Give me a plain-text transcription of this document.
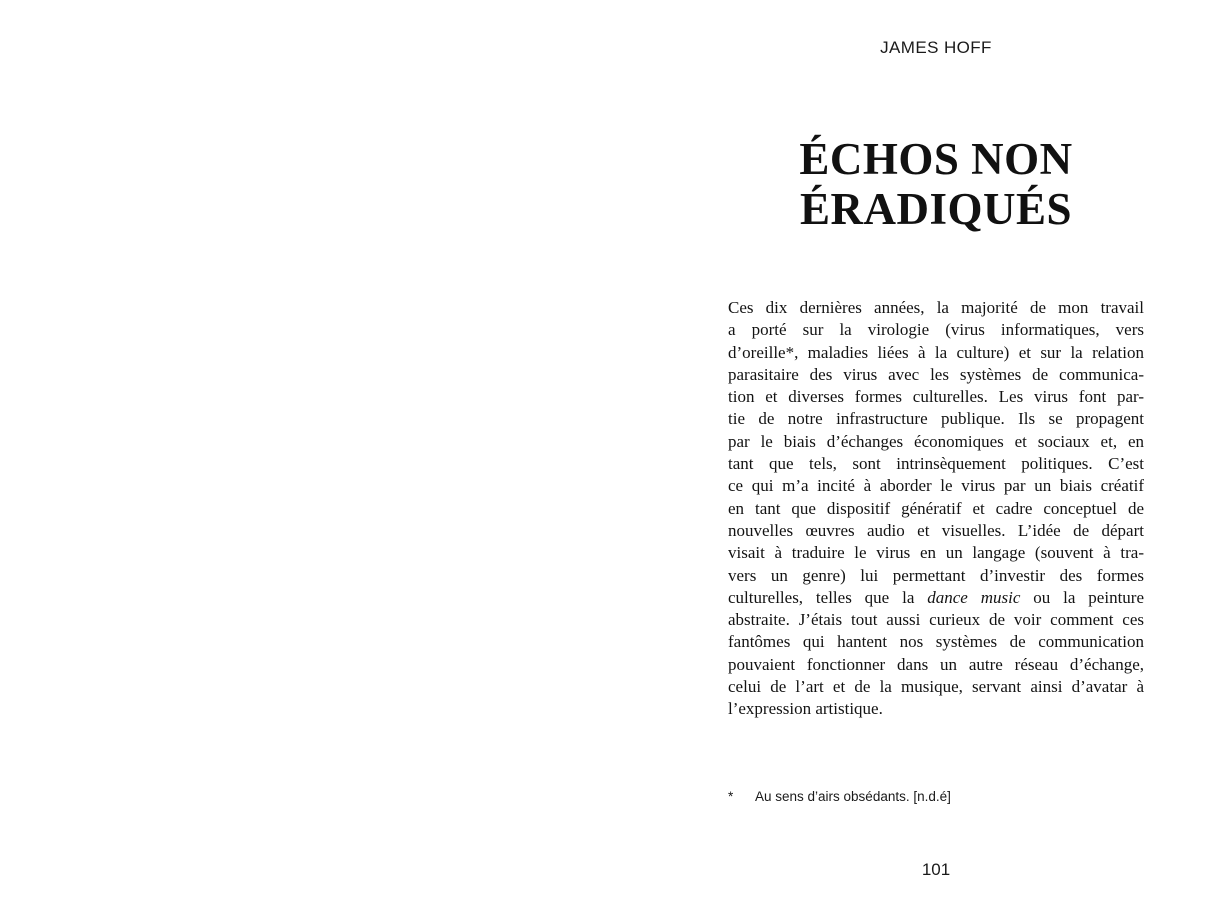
JAMES HOFF
ÉCHOS NON
ÉRADIQUÉS
Ces dix dernières années, la majorité de mon travail
a porté sur la virologie (virus informatiques, vers
d’oreille*, maladies liées à la culture) et sur la relation
parasitaire des virus avec les systèmes de communica-
tion et diverses formes culturelles. Les virus font par-
tie de notre infrastructure publique. Ils se propagent
par le biais d’échanges économiques et sociaux et, en
tant que tels, sont intrinsèquement politiques. C’est
ce qui m’a incité à aborder le virus par un biais créatif
en tant que dispositif génératif et cadre conceptuel de
nouvelles œuvres audio et visuelles. L’idée de départ
visait à traduire le virus en un langage (souvent à tra-
vers un genre) lui permettant d’investir des formes
culturelles, telles que la dance music ou la peinture
abstraite. J’étais tout aussi curieux de voir comment ces
fantômes qui hantent nos systèmes de communication
pouvaient fonctionner dans un autre réseau d’échange,
celui de l’art et de la musique, servant ainsi d’avatar à
l’expression artistique.
* Au sens d’airs obsédants. [n.d.é]
101
